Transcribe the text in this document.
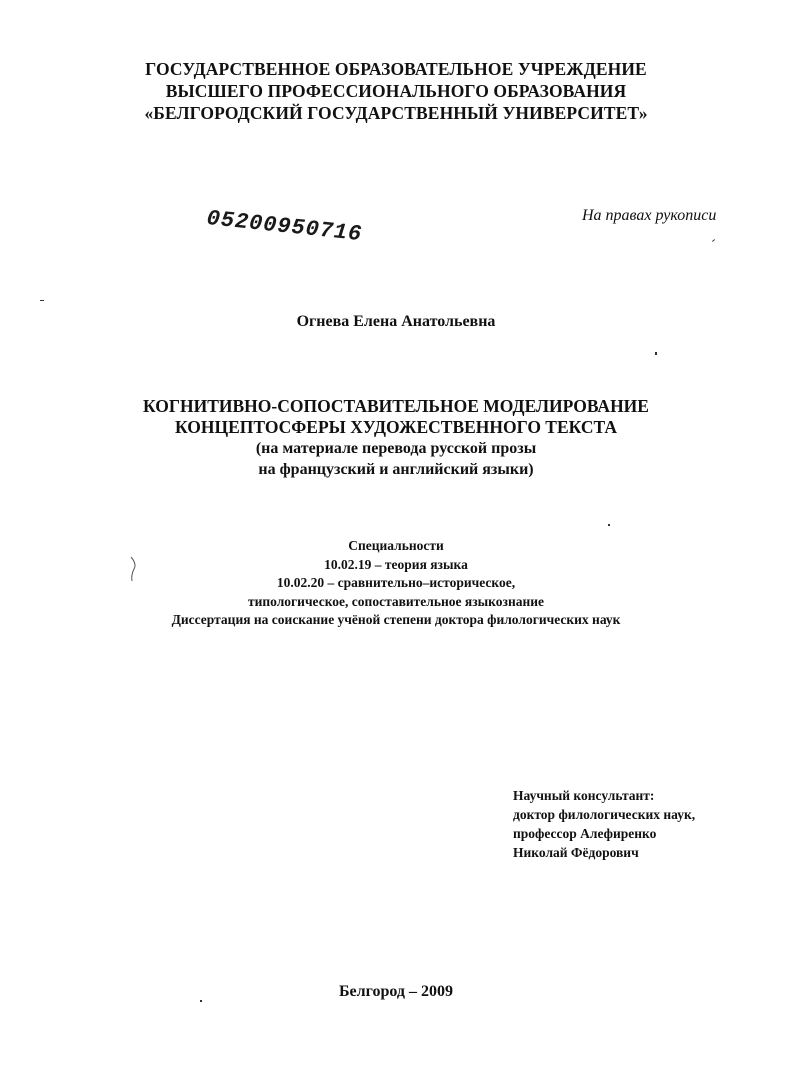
ГОСУДАРСТВЕННОЕ ОБРАЗОВАТЕЛЬНОЕ УЧРЕЖДЕНИЕ
ВЫСШЕГО ПРОФЕССИОНАЛЬНОГО ОБРАЗОВАНИЯ
«БЕЛГОРОДСКИЙ ГОСУДАРСТВЕННЫЙ УНИВЕРСИТЕТ»
05200950716	На правах рукописи
Огнева Елена Анатольевна
КОГНИТИВНО-СОПОСТАВИТЕЛЬНОЕ МОДЕЛИРОВАНИЕ
КОНЦЕПТОСФЕРЫ ХУДОЖЕСТВЕННОГО ТЕКСТА
(на материале перевода русской прозы
на французский и английский языки)
Специальности
10.02.19 – теория языка
10.02.20 – сравнительно–историческое,
типологическое, сопоставительное языкознание
Диссертация на соискание учёной степени доктора филологических наук
Научный консультант:
доктор филологических наук,
профессор Алефиренко
Николай Фёдорович
Белгород – 2009
